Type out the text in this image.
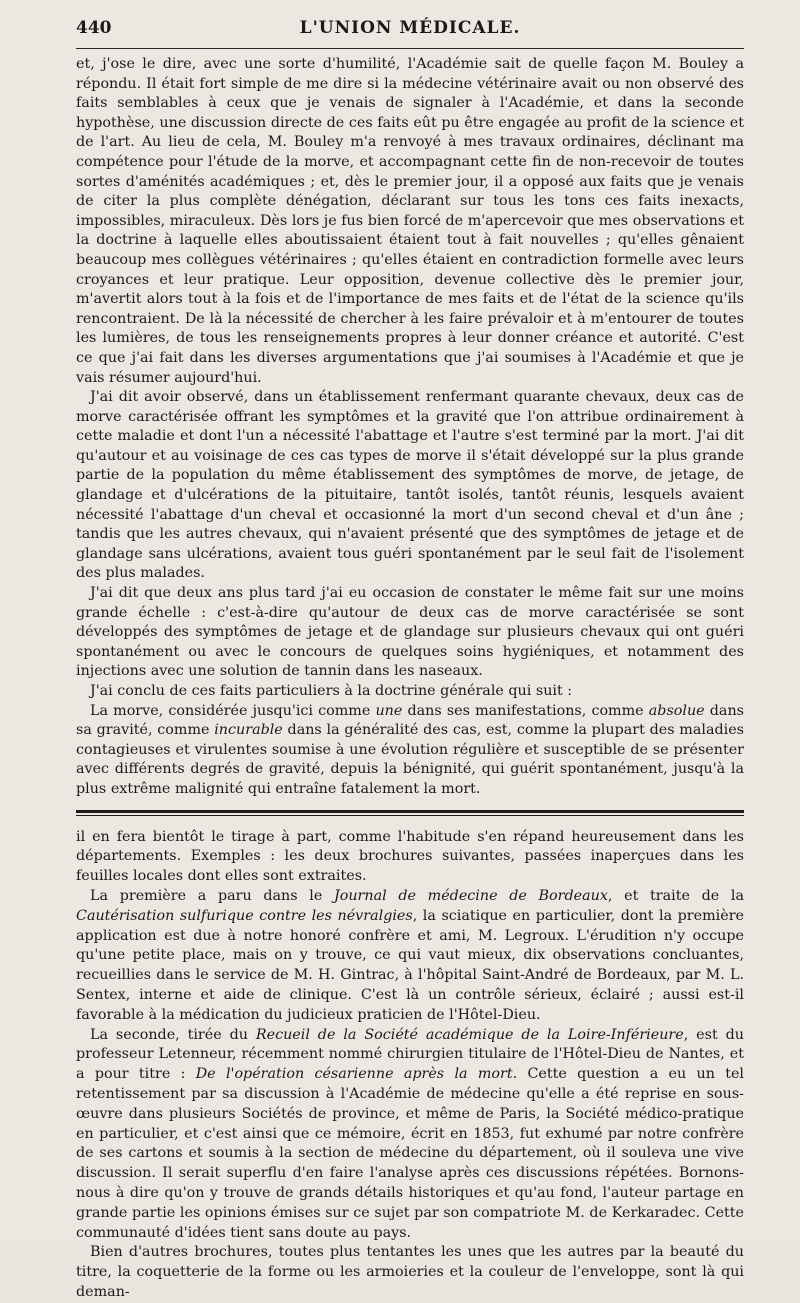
440	L'UNION MÉDICALE.

et, j'ose le dire, avec une sorte d'humilité, l'Académie sait de quelle façon M. Bouley a répondu. Il était fort simple de me dire si la médecine vétérinaire avait ou non observé des faits semblables à ceux que je venais de signaler à l'Académie, et dans la seconde hypothèse, une discussion directe de ces faits eût pu être engagée au profit de la science et de l'art. Au lieu de cela, M. Bouley m'a renvoyé à mes travaux ordinaires, déclinant ma compétence pour l'étude de la morve, et accompagnant cette fin de non-recevoir de toutes sortes d'aménités académiques ; et, dès le premier jour, il a opposé aux faits que je venais de citer la plus complète dénégation, déclarant sur tous les tons ces faits inexacts, impossibles, miraculeux. Dès lors je fus bien forcé de m'apercevoir que mes observations et la doctrine à laquelle elles aboutissaient étaient tout à fait nouvelles ; qu'elles gênaient beaucoup mes collègues vétérinaires ; qu'elles étaient en contradiction formelle avec leurs croyances et leur pratique. Leur opposition, devenue collective dès le premier jour, m'avertit alors tout à la fois et de l'importance de mes faits et de l'état de la science qu'ils rencontraient. De là la nécessité de chercher à les faire prévaloir et à m'entourer de toutes les lumières, de tous les renseignements propres à leur donner créance et autorité. C'est ce que j'ai fait dans les diverses argumentations que j'ai soumises à l'Académie et que je vais résumer aujourd'hui.

J'ai dit avoir observé, dans un établissement renfermant quarante chevaux, deux cas de morve caractérisée offrant les symptômes et la gravité que l'on attribue ordinairement à cette maladie et dont l'un a nécessité l'abattage et l'autre s'est terminé par la mort. J'ai dit qu'autour et au voisinage de ces cas types de morve il s'était développé sur la plus grande partie de la population du même établissement des symptômes de morve, de jetage, de glandage et d'ulcérations de la pituitaire, tantôt isolés, tantôt réunis, lesquels avaient nécessité l'abattage d'un cheval et occasionné la mort d'un second cheval et d'un âne ; tandis que les autres chevaux, qui n'avaient présenté que des symptômes de jetage et de glandage sans ulcérations, avaient tous guéri spontanément par le seul fait de l'isolement des plus malades.

J'ai dit que deux ans plus tard j'ai eu occasion de constater le même fait sur une moins grande échelle : c'est-à-dire qu'autour de deux cas de morve caractérisée se sont développés des symptômes de jetage et de glandage sur plusieurs chevaux qui ont guéri spontanément ou avec le concours de quelques soins hygiéniques, et notamment des injections avec une solution de tannin dans les naseaux.

J'ai conclu de ces faits particuliers à la doctrine générale qui suit :

La morve, considérée jusqu'ici comme une dans ses manifestations, comme absolue dans sa gravité, comme incurable dans la généralité des cas, est, comme la plupart des maladies contagieuses et virulentes soumise à une évolution régulière et susceptible de se présenter avec différents degrés de gravité, depuis la bénignité, qui guérit spontanément, jusqu'à la plus extrême malignité qui entraîne fatalement la mort.

il en fera bientôt le tirage à part, comme l'habitude s'en répand heureusement dans les départements. Exemples : les deux brochures suivantes, passées inaperçues dans les feuilles locales dont elles sont extraites.

La première a paru dans le Journal de médecine de Bordeaux, et traite de la Cautérisation sulfurique contre les névralgies, la sciatique en particulier, dont la première application est due à notre honoré confrère et ami, M. Legroux. L'érudition n'y occupe qu'une petite place, mais on y trouve, ce qui vaut mieux, dix observations concluantes, recueillies dans le service de M. H. Gintrac, à l'hôpital Saint-André de Bordeaux, par M. L. Sentex, interne et aide de clinique. C'est là un contrôle sérieux, éclairé ; aussi est-il favorable à la médication du judicieux praticien de l'Hôtel-Dieu.

La seconde, tirée du Recueil de la Société académique de la Loire-Inférieure, est du professeur Letenneur, récemment nommé chirurgien titulaire de l'Hôtel-Dieu de Nantes, et a pour titre : De l'opération césarienne après la mort. Cette question a eu un tel retentissement par sa discussion à l'Académie de médecine qu'elle a été reprise en sous-œuvre dans plusieurs Sociétés de province, et même de Paris, la Société médico-pratique en particulier, et c'est ainsi que ce mémoire, écrit en 1853, fut exhumé par notre confrère de ses cartons et soumis à la section de médecine du département, où il souleva une vive discussion. Il serait superflu d'en faire l'analyse après ces discussions répétées. Bornons-nous à dire qu'on y trouve de grands détails historiques et qu'au fond, l'auteur partage en grande partie les opinions émises sur ce sujet par son compatriote M. de Kerkaradec. Cette communauté d'idées tient sans doute au pays.

Bien d'autres brochures, toutes plus tentantes les unes que les autres par la beauté du titre, la coquetterie de la forme ou les armoieries et la couleur de l'enveloppe, sont là qui deman-
